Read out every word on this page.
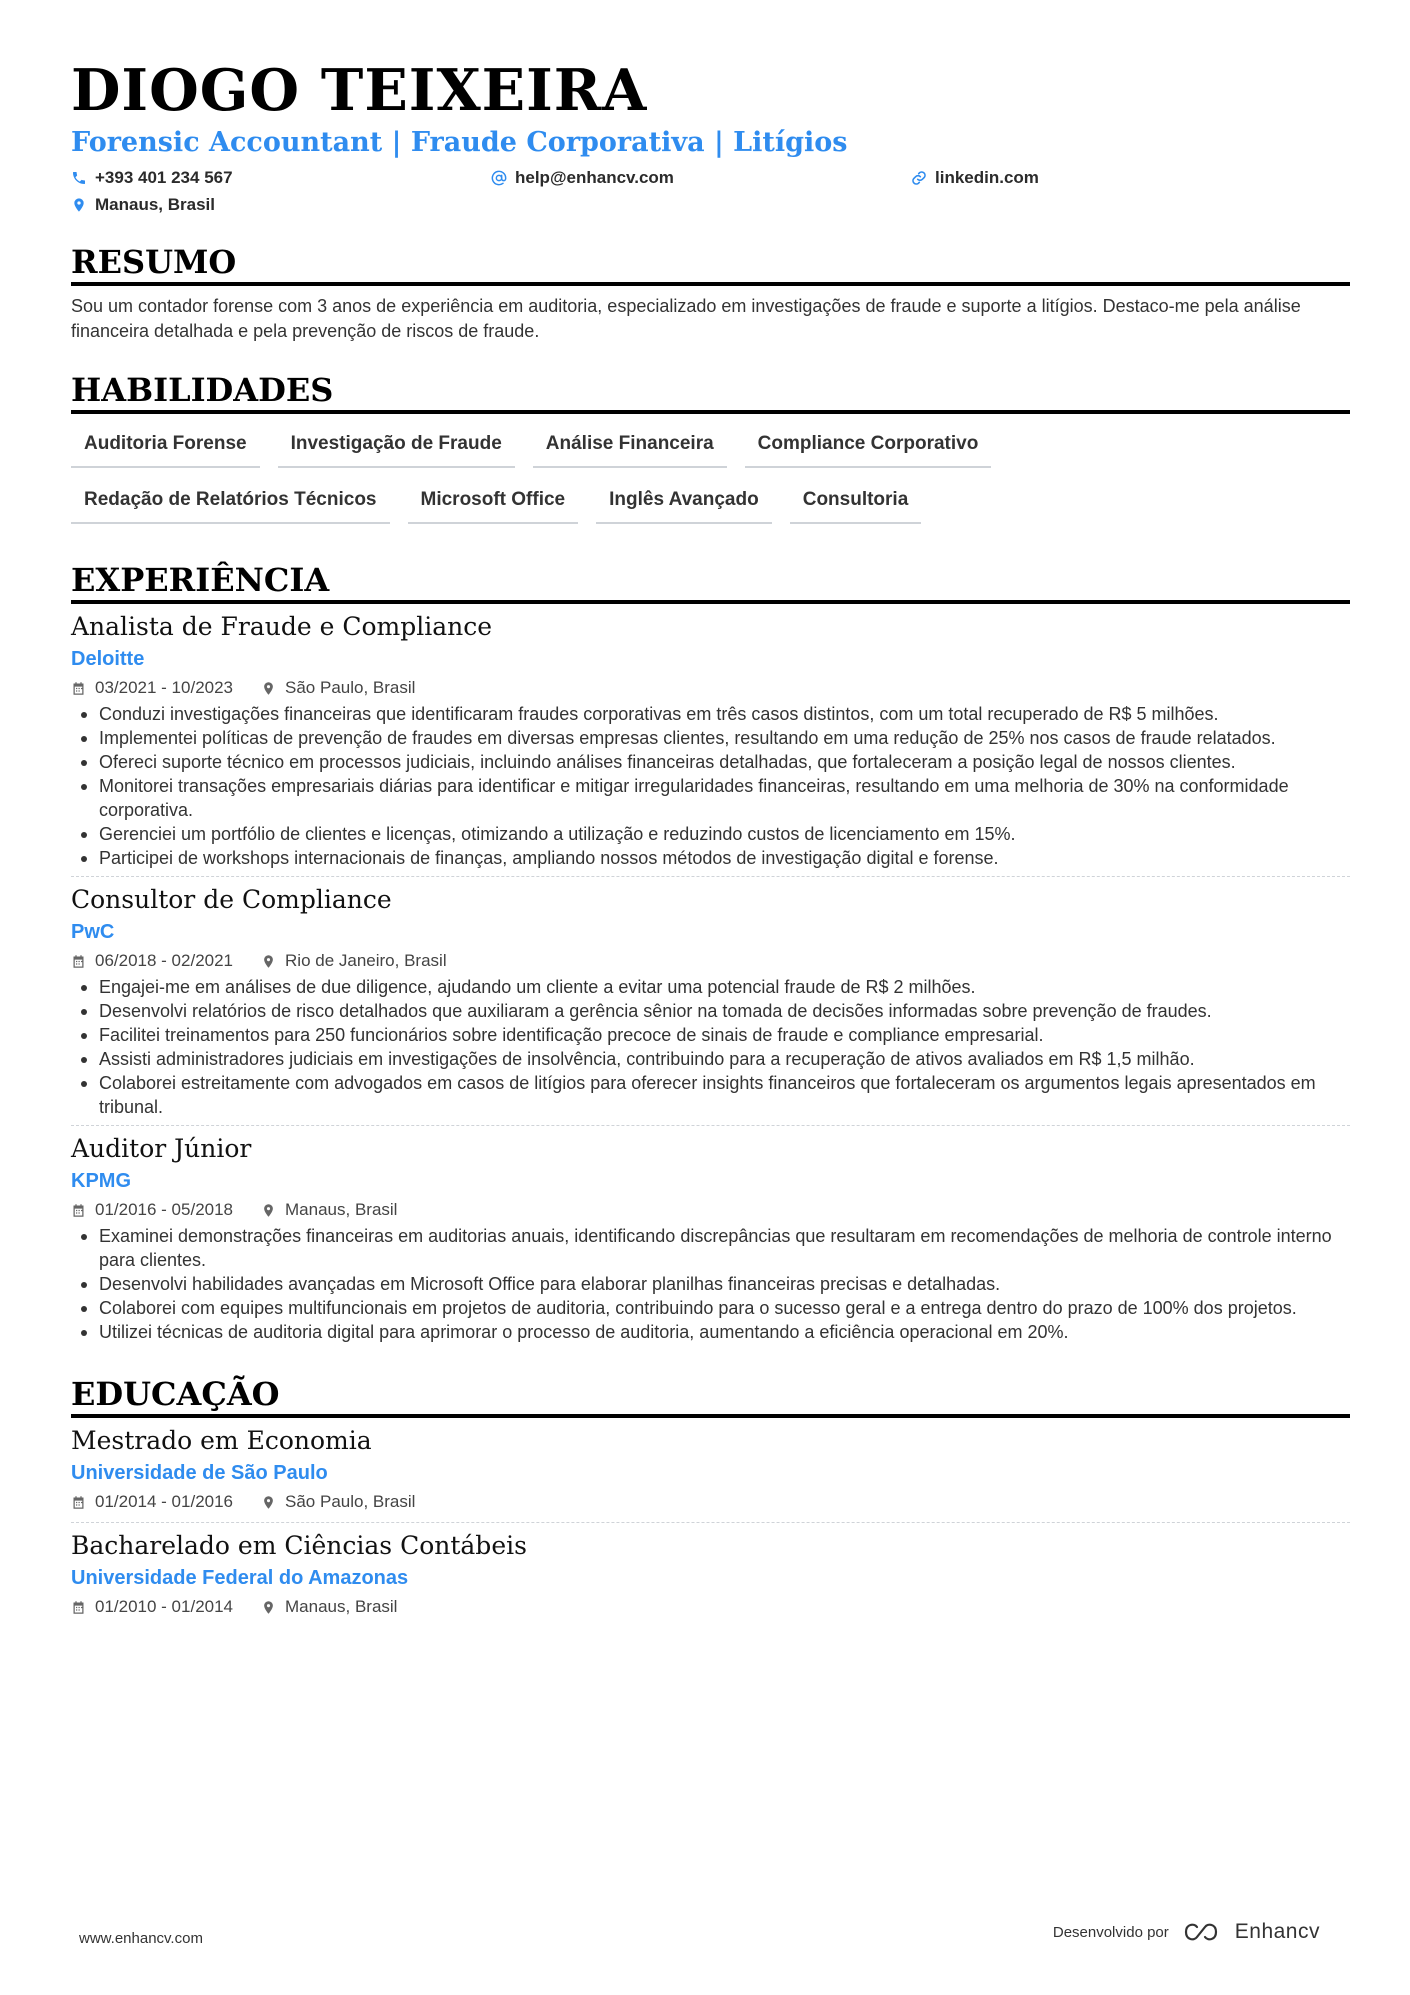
DIOGO TEIXEIRA
Forensic Accountant | Fraude Corporativa | Litígios
+393 401 234 567	help@enhancv.com	linkedin.com
Manaus, Brasil
RESUMO

Sou um contador forense com 3 anos de experiência em auditoria, especializado em investigações de fraude e suporte a litígios. Destaco-me pela análise financeira detalhada e pela prevenção de riscos de fraude.

HABILIDADES
Auditoria Forense	Investigação de Fraude	Análise Financeira	Compliance Corporativo
Redação de Relatórios Técnicos	Microsoft Office	Inglês Avançado	Consultoria
EXPERIÊNCIA
Analista de Fraude e Compliance
Deloitte
03/2021 - 10/2023	São Paulo, Brasil
Conduzi investigações financeiras que identificaram fraudes corporativas em três casos distintos, com um total recuperado de R$ 5 milhões.
Implementei políticas de prevenção de fraudes em diversas empresas clientes, resultando em uma redução de 25% nos casos de fraude relatados.
Ofereci suporte técnico em processos judiciais, incluindo análises financeiras detalhadas, que fortaleceram a posição legal de nossos clientes.
Monitorei transações empresariais diárias para identificar e mitigar irregularidades financeiras, resultando em uma melhoria de 30% na conformidade corporativa.
Gerenciei um portfólio de clientes e licenças, otimizando a utilização e reduzindo custos de licenciamento em 15%.
Participei de workshops internacionais de finanças, ampliando nossos métodos de investigação digital e forense.
Consultor de Compliance
PwC
06/2018 - 02/2021	Rio de Janeiro, Brasil
Engajei-me em análises de due diligence, ajudando um cliente a evitar uma potencial fraude de R$ 2 milhões.
Desenvolvi relatórios de risco detalhados que auxiliaram a gerência sênior na tomada de decisões informadas sobre prevenção de fraudes.
Facilitei treinamentos para 250 funcionários sobre identificação precoce de sinais de fraude e compliance empresarial.
Assisti administradores judiciais em investigações de insolvência, contribuindo para a recuperação de ativos avaliados em R$ 1,5 milhão.
Colaborei estreitamente com advogados em casos de litígios para oferecer insights financeiros que fortaleceram os argumentos legais apresentados em tribunal.
Auditor Júnior
KPMG
01/2016 - 05/2018	Manaus, Brasil
Examinei demonstrações financeiras em auditorias anuais, identificando discrepâncias que resultaram em recomendações de melhoria de controle interno para clientes.
Desenvolvi habilidades avançadas em Microsoft Office para elaborar planilhas financeiras precisas e detalhadas.
Colaborei com equipes multifuncionais em projetos de auditoria, contribuindo para o sucesso geral e a entrega dentro do prazo de 100% dos projetos.
Utilizei técnicas de auditoria digital para aprimorar o processo de auditoria, aumentando a eficiência operacional em 20%.
EDUCAÇÃO
Mestrado em Economia
Universidade de São Paulo
01/2014 - 01/2016	São Paulo, Brasil
Bacharelado em Ciências Contábeis
Universidade Federal do Amazonas
01/2010 - 01/2014	Manaus, Brasil
www.enhancv.com	Desenvolvido por	Enhancv
